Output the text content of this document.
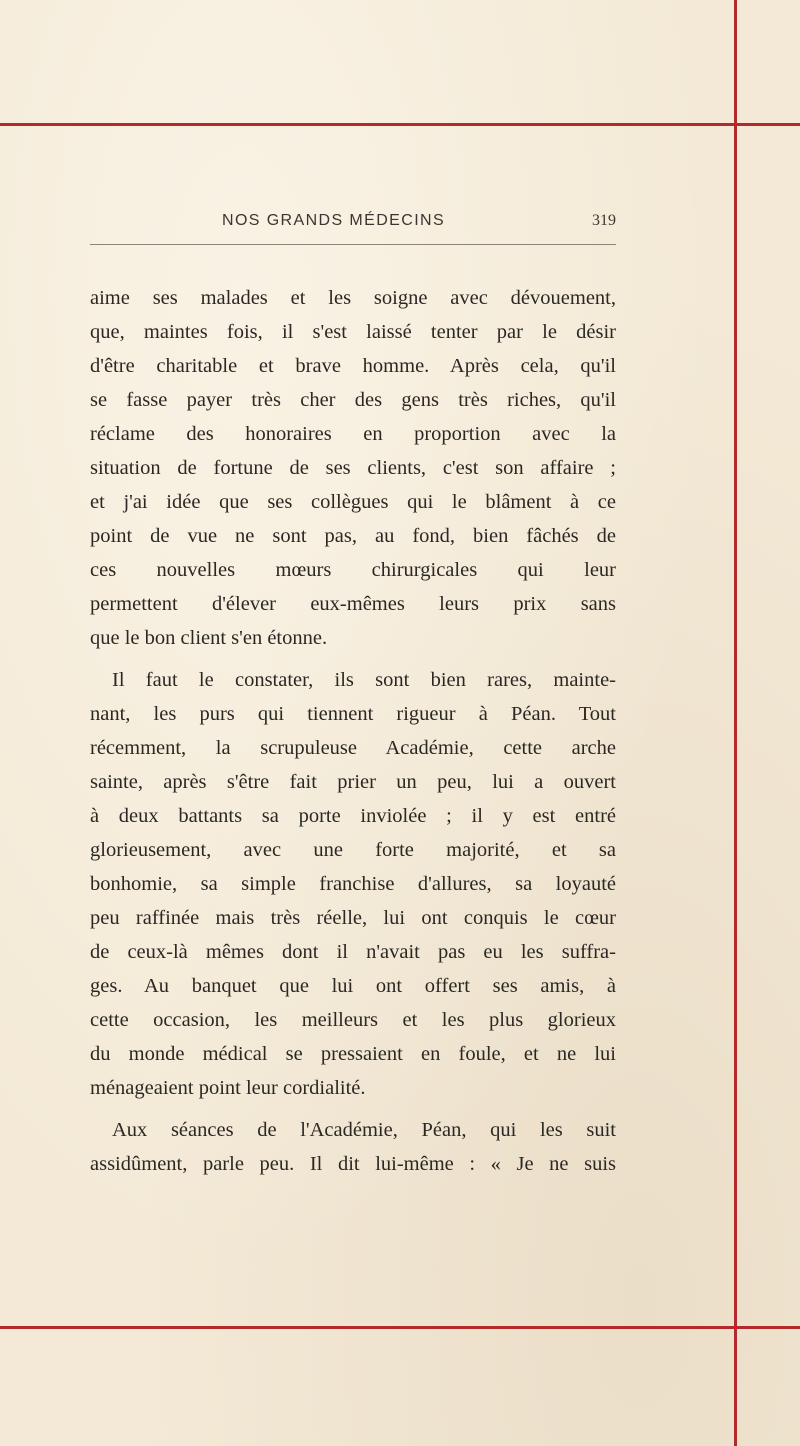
NOS GRANDS MÉDECINS	319
aime ses malades et les soigne avec dévouement,
que, maintes fois, il s'est laissé tenter par le désir
d'être charitable et brave homme. Après cela, qu'il
se fasse payer très cher des gens très riches, qu'il
réclame des honoraires en proportion avec la
situation de fortune de ses clients, c'est son affaire ;
et j'ai idée que ses collègues qui le blâment à ce
point de vue ne sont pas, au fond, bien fâchés de
ces nouvelles mœurs chirurgicales qui leur
permettent d'élever eux-mêmes leurs prix sans
que le bon client s'en étonne.
Il faut le constater, ils sont bien rares, mainte-
nant, les purs qui tiennent rigueur à Péan. Tout
récemment, la scrupuleuse Académie, cette arche
sainte, après s'être fait prier un peu, lui a ouvert
à deux battants sa porte inviolée ; il y est entré
glorieusement, avec une forte majorité, et sa
bonhomie, sa simple franchise d'allures, sa loyauté
peu raffinée mais très réelle, lui ont conquis le cœur
de ceux-là mêmes dont il n'avait pas eu les suffra-
ges. Au banquet que lui ont offert ses amis, à
cette occasion, les meilleurs et les plus glorieux
du monde médical se pressaient en foule, et ne lui
ménageaient point leur cordialité.
Aux séances de l'Académie, Péan, qui les suit
assidûment, parle peu. Il dit lui-même : « Je ne suis
